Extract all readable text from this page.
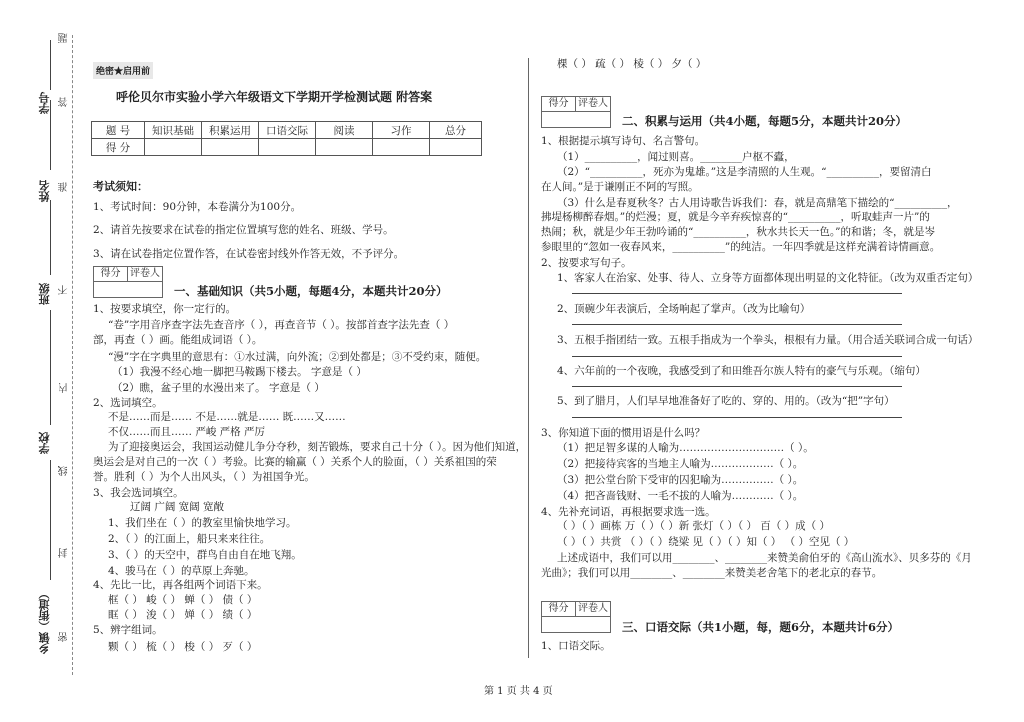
学号
姓名
班级
学校
乡镇（街道）
题
答
准
不
内
线
封
密
绝密★启用前
呼伦贝尔市实验小学六年级语文下学期开学检测试题 附答案
题 号	知识基础	积累运用	口语交际	阅读	习作	总分
得 分						
考试须知：
1、考试时间：90分钟，本卷满分为100分。
2、请首先按要求在试卷的指定位置填写您的姓名、班级、学号。
3、请在试卷指定位置作答，在试卷密封线外作答无效，不予评分。
得分 评卷人
一、基础知识（共5小题，每题4分，本题共计20分）
1、按要求填空，你一定行的。
“卷”字用音序查字法先查音序（ ），再查音节（ ）。按部首查字法先查（ ）
部，再查（ ）画。能组成词语（ ）。
“漫”字在字典里的意思有：①水过满，向外流；②到处都是；③不受约束，随便。
（1）我漫不经心地一脚把马鞍踢下楼去。 字意是（ ）
（2）瞧，盆子里的水漫出来了。 字意是（ ）
2、选词填空。
不是……而是…… 不是……就是…… 既……又……
不仅……而且…… 严峻 严格 严厉
为了迎接奥运会，我国运动健儿争分夺秒，刻苦锻炼，要求自己十分（ ）。因为他们知道，
奥运会是对自己的一次（ ）考验。比赛的输赢（ ）关系个人的脸面，（ ）关系祖国的荣
誉。胜利（ ）为个人出风头，（ ）为祖国争光。
3、我会选词填空。
辽阔 广阔 宽阔 宽敞
1、我们坐在（ ）的教室里愉快地学习。
2、（ ）的江面上，船只来来往往。
3、（ ）的天空中，群鸟自由自在地飞翔。
4、骏马在（ ）的草原上奔驰。
4、先比一比，再各组两个词语下来。
框（ ） 峻（ ） 蝉（ ） 债（ ）
眶（ ） 浚（ ） 婵（ ） 绩（ ）
5、辨字组词。
颗（ ） 梳（ ） 梭（ ） 歹（ ）
棵（ ） 疏（ ） 棱（ ） 夕（ ）
得分 评卷人
二、积累与运用（共4小题，每题5分，本题共计20分）
1、根据提示填写诗句、名言警句。
（1）__________，闻过则喜。________户枢不蠹，
（2）“__________，死亦为鬼雄。”这是李清照的人生观。“__________，要留清白
在人间。”是于谦刚正不阿的写照。
（3）什么是春夏秋冬？古人用诗歌告诉我们：春，就是高鼎笔下描绘的“__________，
拂堤杨柳醉春烟。”的烂漫；夏，就是今辛弃疾惊喜的“__________，听取蛙声一片”的
热闹；秋，就是少年王勃吟诵的“__________，秋水共长天一色。”的和谐；冬，就是岑
参眼里的“忽如一夜春风来，__________”的纯洁。一年四季就是这样充满着诗情画意。
2、按要求写句子。
1、客家人在治家、处事、待人、立身等方面都体现出明显的文化特征。（改为双重否定句）
2、顶碗少年表演后，全场响起了掌声。（改为比喻句）
3、五根手指团结一致。五根手指成为一个拳头，根根有力量。（用合适关联词合成一句话）
4、六年前的一个夜晚，我感受到了和田维吾尔族人特有的豪气与乐观。（缩句）
5、到了腊月，人们早早地准备好了吃的、穿的、用的。（改为“把”字句）
3、你知道下面的惯用语是什么吗？
（1）把足智多谋的人喻为…………………………（ ）。
（2）把接待宾客的当地主人喻为………………（ ）。
（3）把公堂台阶下受审的囚犯喻为……………（ ）。
（4）把吝啬钱财、一毛不拔的人喻为…………（ ）。
4、先补充词语，再根据要求选一选。
（ ）（ ）画栋 万（ ）（ ）新 张灯（ ）（ ） 百（ ）成（ ）
（ ）（ ）共赏 （ ）（ ）绕梁 见（ ）（ ）知（ ） （ ）空见（ ）
上述成语中，我们可以用________、________来赞美俞伯牙的《高山流水》、贝多芬的《月
光曲》；我们可以用________、________来赞美老舍笔下的老北京的春节。
得分 评卷人
三、口语交际（共1小题，每，题6分，本题共计6分）
1、口语交际。
第 1 页 共 4 页
